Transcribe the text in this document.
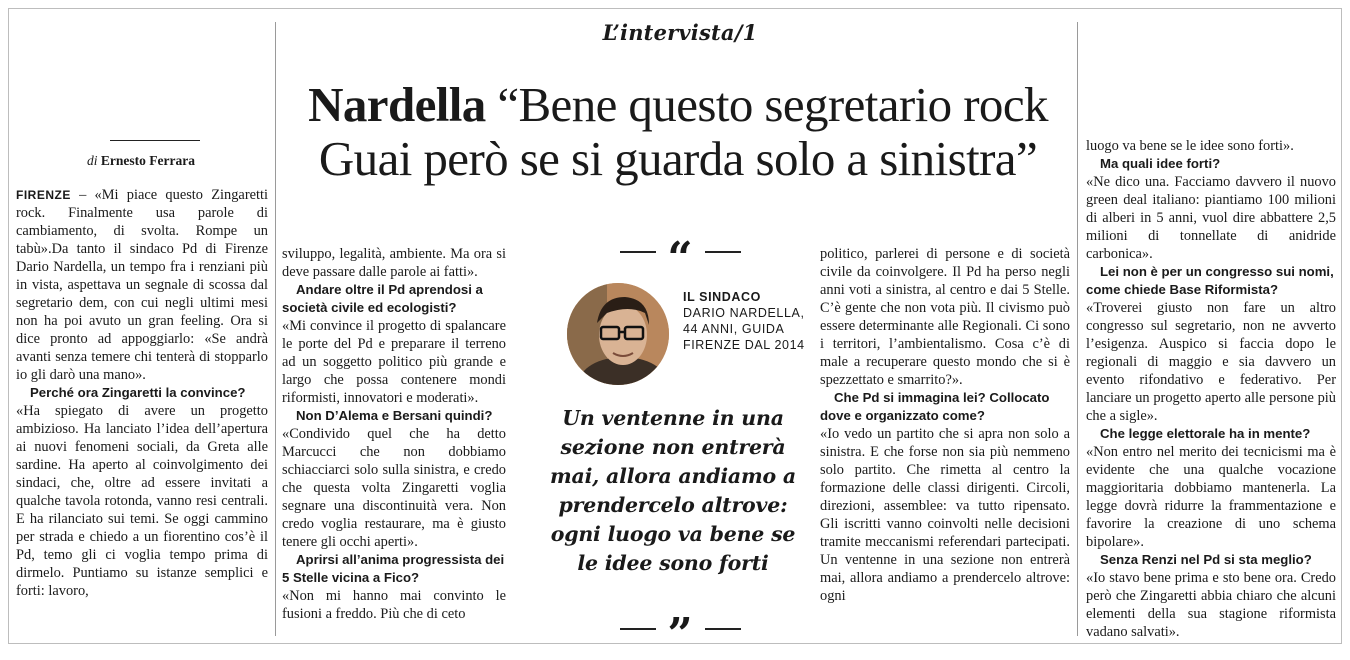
L’intervista/1
Nardella “Bene questo segretario rock
Guai però se si guarda solo a sinistra”
di Ernesto Ferrara

FIRENZE – «Mi piace questo Zingaretti rock. Finalmente usa parole di cambiamento, di svolta. Rompe un tabù».Da tanto il sindaco Pd di Firenze Dario Nardella, un tempo fra i renziani più in vista, aspettava un segnale di scossa dal segretario dem, con cui negli ultimi mesi non ha poi avuto un gran feeling. Ora si dice pronto ad appoggiarlo: «Se andrà avanti senza temere chi tenterà di stopparlo io gli darò una mano».

Perché ora Zingaretti la convince?

«Ha spiegato di avere un progetto ambizioso. Ha lanciato l’idea dell’apertura ai nuovi fenomeni sociali, da Greta alle sardine. Ha aperto al coinvolgimento dei sindaci, che, oltre ad essere invitati a qualche tavola rotonda, vanno resi centrali. E ha rilanciato sui temi. Se oggi cammino per strada e chiedo a un fiorentino cos’è il Pd, temo gli ci voglia tempo prima di dirmelo. Puntiamo su istanze semplici e forti: lavoro,

sviluppo, legalità, ambiente. Ma ora si deve passare dalle parole ai fatti».

Andare oltre il Pd aprendosi a società civile ed ecologisti?

«Mi convince il progetto di spalancare le porte del Pd e preparare il terreno ad un soggetto politico più grande e largo che possa contenere mondi riformisti, innovatori e moderati».

Non D’Alema e Bersani quindi?

«Condivido quel che ha detto Marcucci che non dobbiamo schiacciarci solo sulla sinistra, e credo che questa volta Zingaretti voglia segnare una discontinuità vera. Non credo voglia restaurare, ma è giusto tenere gli occhi aperti».

Aprirsi all’anima progressista dei 5 Stelle vicina a Fico?

«Non mi hanno mai convinto le fusioni a freddo. Più che di ceto

IL SINDACO
DARIO NARDELLA, 44 ANNI, GUIDA FIRENZE DAL 2014
“
Un ventenne in una sezione non entrerà mai, allora andiamo a prendercelo altrove: ogni luogo va bene se le idee sono forti
”

politico, parlerei di persone e di società civile da coinvolgere. Il Pd ha perso negli anni voti a sinistra, al centro e dai 5 Stelle. C’è gente che non vota più. Il civismo può essere determinante alle Regionali. Ci sono i territori, l’ambientalismo. Cosa c’è di male a recuperare questo mondo che si è spezzettato e smarrito?».

Che Pd si immagina lei? Collocato dove e organizzato come?

«Io vedo un partito che si apra non solo a sinistra. E che forse non sia più nemmeno solo partito. Che rimetta al centro la formazione delle classi dirigenti. Circoli, direzioni, assemblee: va tutto ripensato. Gli iscritti vanno coinvolti nelle decisioni tramite meccanismi referendari partecipati. Un ventenne in una sezione non entrerà mai, allora andiamo a prendercelo altrove: ogni

luogo va bene se le idee sono forti».

Ma quali idee forti?

«Ne dico una. Facciamo davvero il nuovo green deal italiano: piantiamo 100 milioni di alberi in 5 anni, vuol dire abbattere 2,5 milioni di tonnellate di anidride carbonica».

Lei non è per un congresso sui nomi, come chiede Base Riformista?

«Troverei giusto non fare un altro congresso sul segretario, non ne avverto l’esigenza. Auspico si faccia dopo le regionali di maggio e sia davvero un evento rifondativo e federativo. Per lanciare un progetto aperto alle persone più che a sigle».

Che legge elettorale ha in mente?

«Non entro nel merito dei tecnicismi ma è evidente che una qualche vocazione maggioritaria dobbiamo mantenerla. La legge dovrà ridurre la frammentazione e favorire la creazione di uno schema bipolare».

Senza Renzi nel Pd si sta meglio?

«Io stavo bene prima e sto bene ora. Credo però che Zingaretti abbia chiaro che alcuni elementi della sua stagione riformista vadano salvati».
